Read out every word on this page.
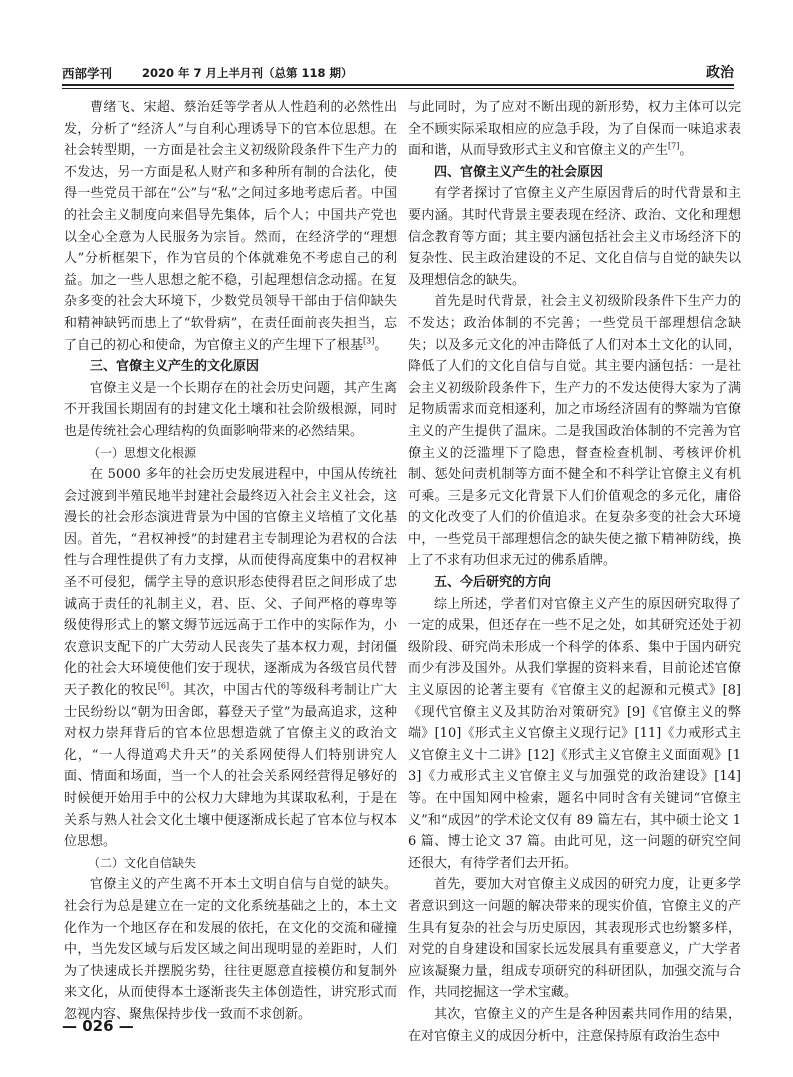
西部学刊	2020 年 7 月上半月刊（总第 118 期）	政治

曹绪飞、宋超、蔡治廷等学者从人性趋利的必然性出发，分析了“经济人”与自利心理诱导下的官本位思想。在社会转型期，一方面是社会主义初级阶段条件下生产力的不发达，另一方面是私人财产和多种所有制的合法化，使得一些党员干部在“公”与“私”之间过多地考虑后者。中国的社会主义制度向来倡导先集体，后个人；中国共产党也以全心全意为人民服务为宗旨。然而，在经济学的“理想人”分析框架下，作为官员的个体就难免不考虑自己的利益。加之一些人思想之舵不稳，引起理想信念动摇。在复杂多变的社会大环境下，少数党员领导干部由于信仰缺失和精神缺钙而患上了“软骨病”，在责任面前丧失担当，忘了自己的初心和使命，为官僚主义的产生埋下了根基[3]。

三、官僚主义产生的文化原因

官僚主义是一个长期存在的社会历史问题，其产生离不开我国长期固有的封建文化土壤和社会阶级根源，同时也是传统社会心理结构的负面影响带来的必然结果。

（一）思想文化根源

在 5000 多年的社会历史发展进程中，中国从传统社会过渡到半殖民地半封建社会最终迈入社会主义社会，这漫长的社会形态演进背景为中国的官僚主义培植了文化基因。首先，“君权神授”的封建君主专制理论为君权的合法性与合理性提供了有力支撑，从而使得高度集中的君权神圣不可侵犯，儒学主导的意识形态使得君臣之间形成了忠诚高于责任的礼制主义，君、臣、父、子间严格的尊卑等级使得形式上的繁文缛节远远高于工作中的实际作为，小农意识支配下的广大劳动人民丧失了基本权力观，封闭僵化的社会大环境使他们安于现状，逐渐成为各级官员代替天子教化的牧民[6]。其次，中国古代的等级科考制让广大士民纷纷以“朝为田舍郎，暮登天子堂”为最高追求，这种对权力崇拜背后的官本位思想造就了官僚主义的政治文化，“一人得道鸡犬升天”的关系网使得人们特别讲究人面、情面和场面，当一个人的社会关系网经营得足够好的时候便开始用手中的公权力大肆地为其谋取私利，于是在关系与熟人社会文化土壤中便逐渐成长起了官本位与权本位思想。

（二）文化自信缺失

官僚主义的产生离不开本土文明自信与自觉的缺失。社会行为总是建立在一定的文化系统基础之上的，本土文化作为一个地区存在和发展的依托，在文化的交流和碰撞中，当先发区域与后发区域之间出现明显的差距时，人们为了快速成长并摆脱劣势，往往更愿意直接模仿和复制外来文化，从而使得本土逐渐丧失主体创造性，讲究形式而忽视内容、聚焦保持步伐一致而不求创新。

与此同时，为了应对不断出现的新形势，权力主体可以完全不顾实际采取相应的应急手段，为了自保而一味追求表面和谐，从而导致形式主义和官僚主义的产生[7]。

四、官僚主义产生的社会原因

有学者探讨了官僚主义产生原因背后的时代背景和主要内涵。其时代背景主要表现在经济、政治、文化和理想信念教育等方面；其主要内涵包括社会主义市场经济下的复杂性、民主政治建设的不足、文化自信与自觉的缺失以及理想信念的缺失。

首先是时代背景，社会主义初级阶段条件下生产力的不发达；政治体制的不完善；一些党员干部理想信念缺失；以及多元文化的冲击降低了人们对本土文化的认同，降低了人们的文化自信与自觉。其主要内涵包括：一是社会主义初级阶段条件下，生产力的不发达使得大家为了满足物质需求而竞相逐利，加之市场经济固有的弊端为官僚主义的产生提供了温床。二是我国政治体制的不完善为官僚主义的泛滥埋下了隐患，督查检查机制、考核评价机制、惩处问责机制等方面不健全和不科学让官僚主义有机可乘。三是多元文化背景下人们价值观念的多元化，庸俗的文化改变了人们的价值追求。在复杂多变的社会大环境中，一些党员干部理想信念的缺失使之撤下精神防线，换上了不求有功但求无过的佛系盾牌。

五、今后研究的方向

综上所述，学者们对官僚主义产生的原因研究取得了一定的成果，但还存在一些不足之处，如其研究还处于初级阶段、研究尚未形成一个科学的体系、集中于国内研究而少有涉及国外。从我们掌握的资料来看，目前论述官僚主义原因的论著主要有《官僚主义的起源和元模式》[8]《现代官僚主义及其防治对策研究》[9]《官僚主义的弊端》[10]《形式主义官僚主义现行记》[11]《力戒形式主义官僚主义十二讲》[12]《形式主义官僚主义面面观》[13]《力戒形式主义官僚主义与加强党的政治建设》[14]等。在中国知网中检索，题名中同时含有关键词“官僚主义”和“成因”的学术论文仅有 89 篇左右，其中硕士论文 16 篇、博士论文 37 篇。由此可见，这一问题的研究空间还很大，有待学者们去开拓。

首先，要加大对官僚主义成因的研究力度，让更多学者意识到这一问题的解决带来的现实价值，官僚主义的产生具有复杂的社会与历史原因，其表现形式也纷繁多样，对党的自身建设和国家长远发展具有重要意义，广大学者应该凝聚力量，组成专项研究的科研团队，加强交流与合作，共同挖掘这一学术宝藏。

其次，官僚主义的产生是各种因素共同作用的结果，在对官僚主义的成因分析中，注意保持原有政治生态中

— 026 —
